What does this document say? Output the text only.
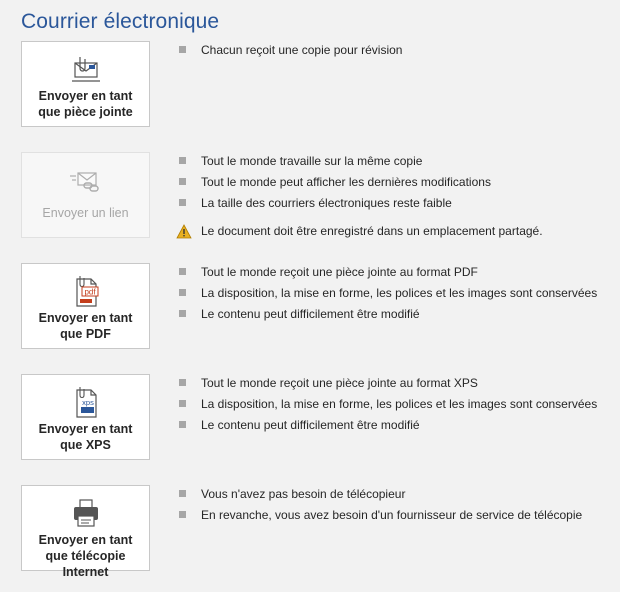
Courrier électronique
Envoyer en tant que pièce jointe
Chacun reçoit une copie pour révision
Envoyer un lien
Tout le monde travaille sur la même copie
Tout le monde peut afficher les dernières modifications
La taille des courriers électroniques reste faible
Le document doit être enregistré dans un emplacement partagé.
pdf
Envoyer en tant que PDF
Tout le monde reçoit une pièce jointe au format PDF
La disposition, la mise en forme, les polices et les images sont conservées
Le contenu peut difficilement être modifié
xps
Envoyer en tant que XPS
Tout le monde reçoit une pièce jointe au format XPS
La disposition, la mise en forme, les polices et les images sont conservées
Le contenu peut difficilement être modifié
Envoyer en tant que télécopie Internet
Vous n'avez pas besoin de télécopieur
En revanche, vous avez besoin d'un fournisseur de service de télécopie
